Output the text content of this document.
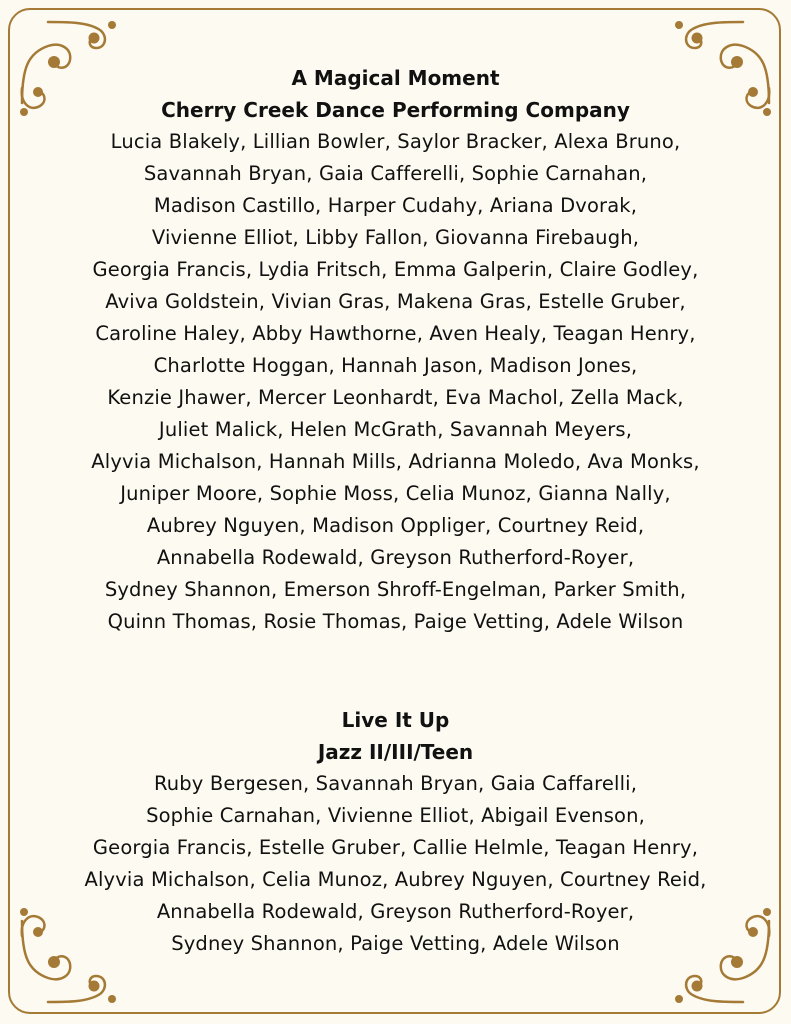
A Magical Moment
Cherry Creek Dance Performing Company
Lucia Blakely, Lillian Bowler, Saylor Bracker, Alexa Bruno,
Savannah Bryan, Gaia Cafferelli, Sophie Carnahan,
Madison Castillo, Harper Cudahy, Ariana Dvorak,
Vivienne Elliot, Libby Fallon, Giovanna Firebaugh,
Georgia Francis, Lydia Fritsch, Emma Galperin, Claire Godley,
Aviva Goldstein, Vivian Gras, Makena Gras, Estelle Gruber,
Caroline Haley, Abby Hawthorne, Aven Healy, Teagan Henry,
Charlotte Hoggan, Hannah Jason, Madison Jones,
Kenzie Jhawer, Mercer Leonhardt, Eva Machol, Zella Mack,
Juliet Malick, Helen McGrath, Savannah Meyers,
Alyvia Michalson, Hannah Mills, Adrianna Moledo, Ava Monks,
Juniper Moore, Sophie Moss, Celia Munoz, Gianna Nally,
Aubrey Nguyen, Madison Oppliger, Courtney Reid,
Annabella Rodewald, Greyson Rutherford-Royer,
Sydney Shannon, Emerson Shroff-Engelman, Parker Smith,
Quinn Thomas, Rosie Thomas, Paige Vetting, Adele Wilson
Live It Up
Jazz II/III/Teen
Ruby Bergesen, Savannah Bryan, Gaia Caffarelli,
Sophie Carnahan, Vivienne Elliot, Abigail Evenson,
Georgia Francis, Estelle Gruber, Callie Helmle, Teagan Henry,
Alyvia Michalson, Celia Munoz, Aubrey Nguyen, Courtney Reid,
Annabella Rodewald, Greyson Rutherford-Royer,
Sydney Shannon, Paige Vetting, Adele Wilson
